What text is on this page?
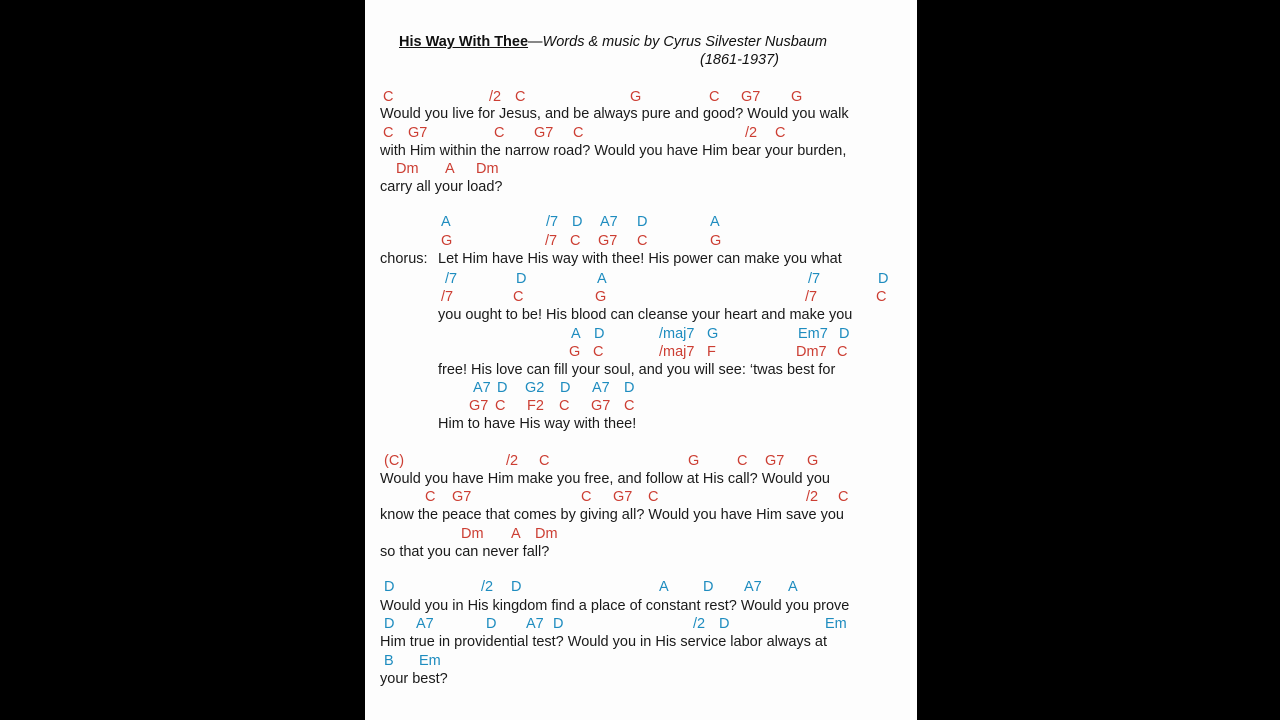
His Way With Thee—Words & music by Cyrus Silvester Nusbaum
(1861-1937)
C	/2 C	G	C G7 G
Would you live for Jesus, and be always pure and good? Would you walk
C G7	C G7 C	/2 C
with Him within the narrow road? Would you have Him bear your burden,
Dm A Dm
carry all your load?
A	/7 D A7 D	A
G	/7 C G7 C	G
chorus: Let Him have His way with thee! His power can make you what
/7	D	A	/7	D
/7	C	G	/7	C
you ought to be! His blood can cleanse your heart and make you
A D	/maj7 G	Em7 D
G C	/maj7 F	Dm7 C
free! His love can fill your soul, and you will see: ‘twas best for
A7 D G2 D A7 D
G7 C F2 C G7 C
Him to have His way with thee!
(C)	/2 C	G	C G7 G
Would you have Him make you free, and follow at His call? Would you
C G7	C G7 C	/2 C
know the peace that comes by giving all? Would you have Him save you
Dm A Dm
so that you can never fall?
D	/2 D	A D A7 A
Would you in His kingdom find a place of constant rest? Would you prove
D A7	D A7 D	/2 D	Em
Him true in providential test? Would you in His service labor always at
B Em
your best?
